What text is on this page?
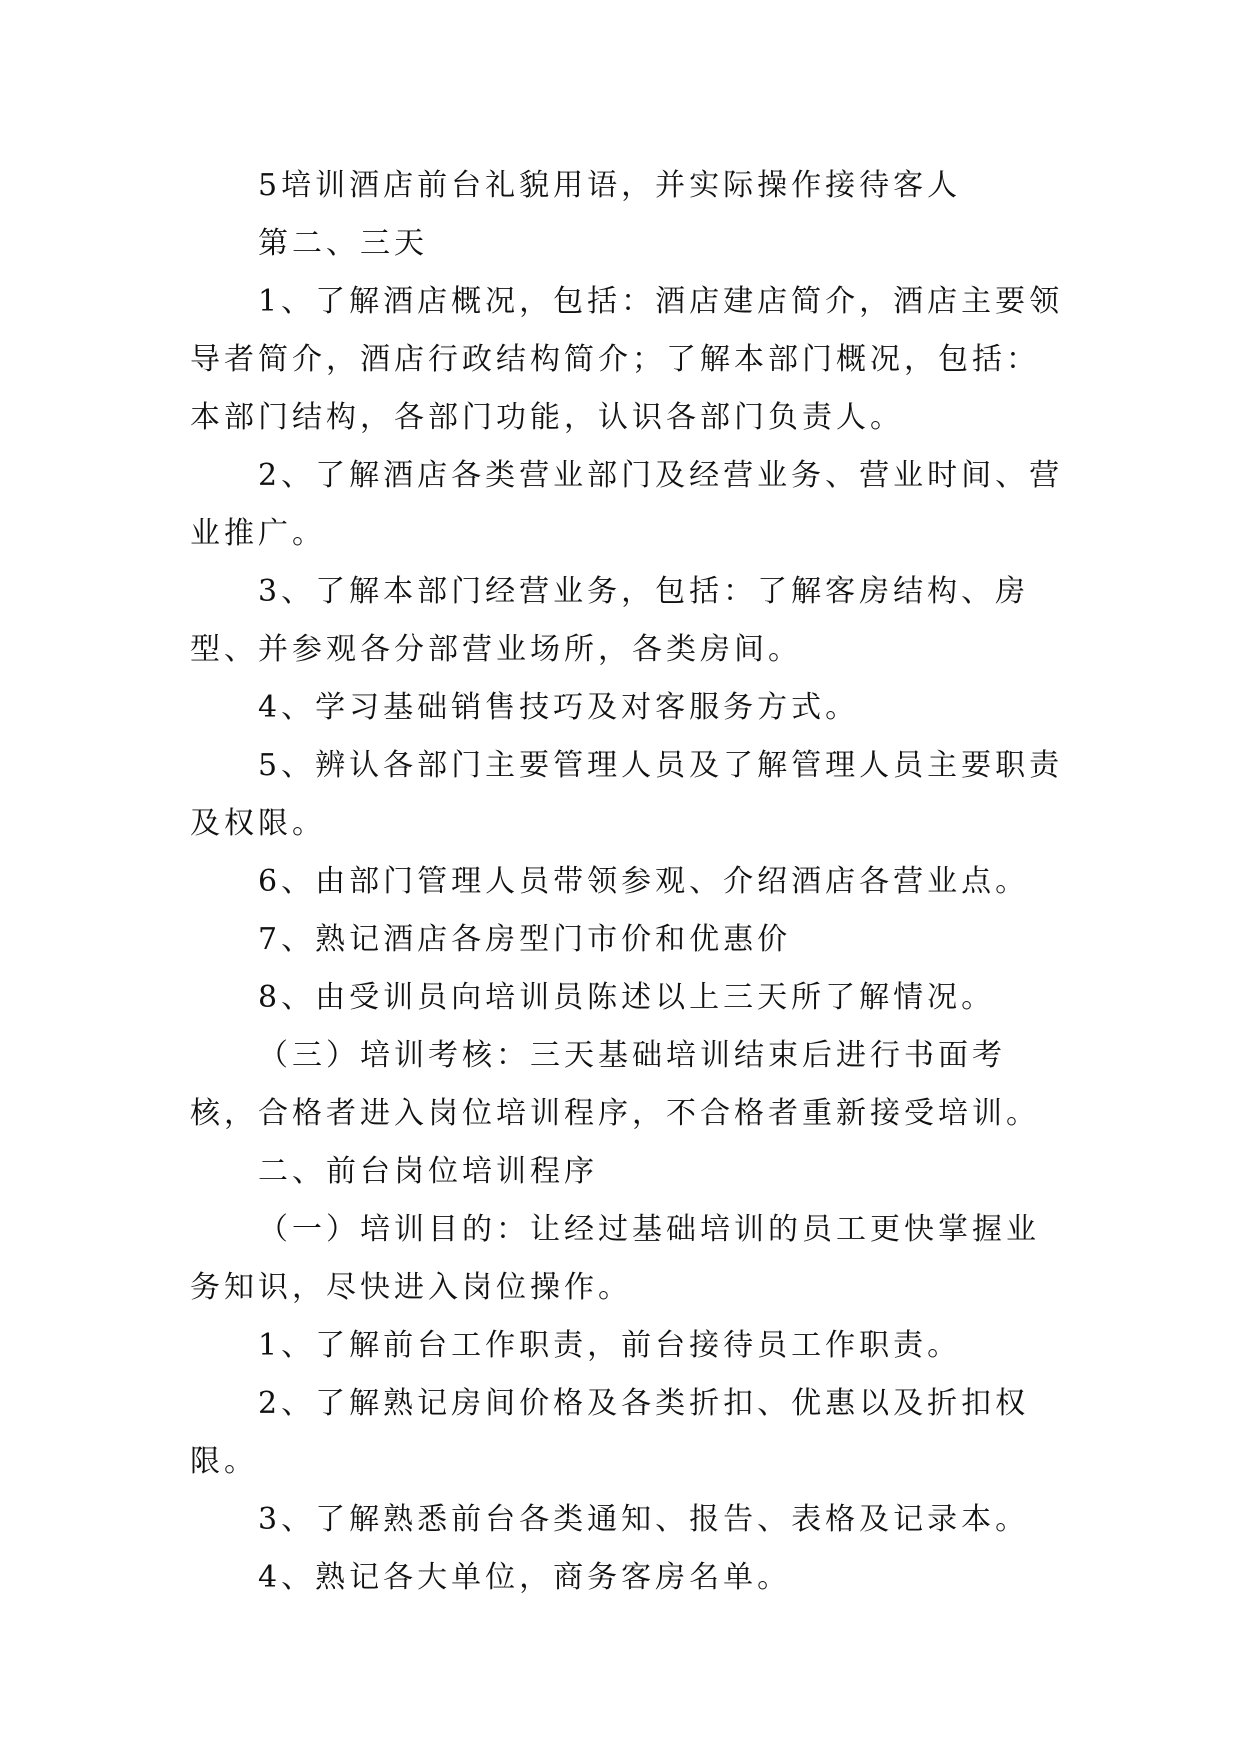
5培训酒店前台礼貌用语，并实际操作接待客人

第二、三天

1、了解酒店概况，包括：酒店建店简介，酒店主要领导者简介，酒店行政结构简介；了解本部门概况，包括：本部门结构，各部门功能，认识各部门负责人。

2、了解酒店各类营业部门及经营业务、营业时间、营业推广。

3、了解本部门经营业务，包括：了解客房结构、房型、并参观各分部营业场所，各类房间。

4、学习基础销售技巧及对客服务方式。

5、辨认各部门主要管理人员及了解管理人员主要职责及权限。

6、由部门管理人员带领参观、介绍酒店各营业点。

7、熟记酒店各房型门市价和优惠价

8、由受训员向培训员陈述以上三天所了解情况。

（三）培训考核：三天基础培训结束后进行书面考核，合格者进入岗位培训程序，不合格者重新接受培训。

二、前台岗位培训程序

（一）培训目的：让经过基础培训的员工更快掌握业务知识，尽快进入岗位操作。

1、了解前台工作职责，前台接待员工作职责。

2、了解熟记房间价格及各类折扣、优惠以及折扣权限。

3、了解熟悉前台各类通知、报告、表格及记录本。

4、熟记各大单位，商务客房名单。
